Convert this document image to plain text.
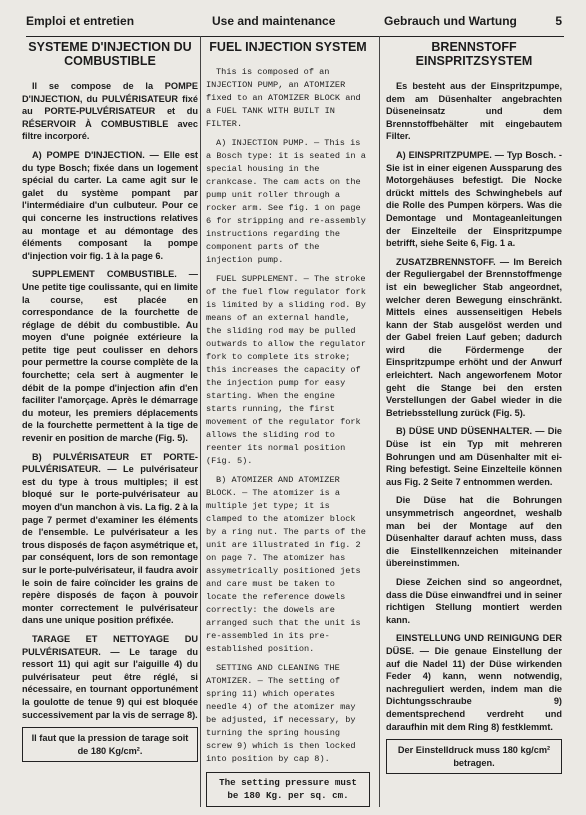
Emploi et entretien	Use and maintenance	Gebrauch und Wartung	5
SYSTEME D'INJECTION DU COMBUSTIBLE

Il se compose de la POMPE D'INJECTION, du PULVÉRISATEUR fixé au PORTE-PULVÉRISATEUR et du RÉSERVOIR À COMBUSTIBLE avec filtre incorporé.

A) POMPE D'INJECTION. — Elle est du type Bosch; fixée dans un logement spécial du carter. La came agit sur le galet du système pompant par l'intermédiaire d'un culbuteur. Pour ce qui concerne les instructions relatives au montage et au démontage des éléments composant la pompe d'injection voir fig. 1 à la page 6.

SUPPLEMENT COMBUSTIBLE. — Une petite tige coulissante, qui en limite la course, est placée en correspondance de la fourchette de réglage de débit du combustible. Au moyen d'une poignée extérieure la petite tige peut coulisser en dehors pour permettre la course complète de la fourchette; cela sert à augmenter le débit de la pompe d'injection afin d'en faciliter l'amorçage. Après le démarrage du moteur, les premiers déplacements de la fourchette permettent à la tige de revenir en position de marche (Fig. 5).

B) PULVÉRISATEUR ET PORTE-PULVÉRISATEUR. — Le pulvérisateur est du type à trous multiples; il est bloqué sur le porte-pulvérisateur au moyen d'un manchon à vis. La fig. 2 à la page 7 permet d'examiner les éléments de l'ensemble. Le pulvérisateur a les trous disposés de façon asymétrique et, par conséquent, lors de son remontage sur le porte-pulvérisateur, il faudra avoir le soin de faire coïncider les grains de repère disposés de façon à pouvoir monter correctement le pulvérisateur dans une unique position préfixée.

TARAGE ET NETTOYAGE DU PULVÉRISATEUR. — Le tarage du ressort 11) qui agit sur l'aiguille 4) du pulvérisateur peut être réglé, si nécessaire, en tournant opportunément la goulotte de tenue 9) qui est bloquée successivement par la vis de serrage 8).

Il faut que la pression de tarage soit de 180 Kg/cm².
FUEL INJECTION SYSTEM

This is composed of an INJECTION PUMP, an ATOMIZER fixed to an ATOMIZER BLOCK and a FUEL TANK WITH BUILT IN FILTER.

A) INJECTION PUMP. — This is a Bosch type: it is seated in a special housing in the crankcase. The cam acts on the pump unit roller through a rocker arm. See fig. 1 on page 6 for stripping and re-assembly instructions regarding the component parts of the injection pump.

FUEL SUPPLEMENT. — The stroke of the fuel flow regulator fork is limited by a sliding rod. By means of an external handle, the sliding rod may be pulled outwards to allow the regulator fork to complete its stroke; this increases the capacity of the injection pump for easy starting. When the engine starts running, the first movement of the regulator fork allows the sliding rod to reenter its normal position (Fig. 5).

B) ATOMIZER AND ATOMIZER BLOCK. — The atomizer is a multiple jet type; it is clamped to the atomizer block by a ring nut. The parts of the unit are illustrated in fig. 2 on page 7. The atomizer has assymetrically positioned jets and care must be taken to locate the reference dowels correctly: the dowels are arranged such that the unit is re-assembled in its pre-established position.

SETTING AND CLEANING THE ATOMIZER. — The setting of spring 11) which operates needle 4) of the atomizer may be adjusted, if necessary, by turning the spring housing screw 9) which is then locked into position by cap 8).

The setting pressure must be 180 Kg. per sq. cm.
BRENNSTOFF EINSPRITZSYSTEM

Es besteht aus der Einspritzpumpe, dem am Düsenhalter angebrachten Düseneinsatz und dem Brennstoffbehälter mit eingebautem Filter.

A) EINSPRITZPUMPE. — Typ Bosch. - Sie ist in einer eigenen Aussparung des Motorgehäuses befestigt. Die Nocke drückt mittels des Schwinghebels auf die Rolle des Pumpen körpers. Was die Demontage und Montageanleitungen der Einzelteile der Einspritzpumpe betrifft, siehe Seite 6, Fig. 1 a.

ZUSATZBRENNSTOFF. — Im Bereich der Reguliergabel der Brennstoffmenge ist ein beweglicher Stab angeordnet, welcher deren Bewegung einschränkt. Mittels eines aussenseitigen Hebels kann der Stab ausgelöst werden und der Gabel freien Lauf geben; dadurch wird die Fördermenge der Einspritzpumpe erhöht und der Anwurf erleichtert. Nach angeworfenem Motor geht die Stange bei den ersten Verstellungen der Gabel wieder in die Betriebsstellung zurück (Fig. 5).

B) DÜSE UND DÜSENHALTER. — Die Düse ist ein Typ mit mehreren Bohrungen und am Düsenhalter mit ei-Ring befestigt. Seine Einzelteile können aus Fig. 2 Seite 7 entnommen werden.

Die Düse hat die Bohrungen unsymmetrisch angeordnet, weshalb man bei der Montage auf den Düsenhalter darauf achten muss, dass die Einstellkennzeichen miteinander übereinstimmen.

Diese Zeichen sind so angeordnet, dass die Düse einwandfrei und in seiner richtigen Stellung montiert werden kann.

EINSTELLUNG UND REINIGUNG DER DÜSE. — Die genaue Einstellung der auf die Nadel 11) der Düse wirkenden Feder 4) kann, wenn notwendig, nachreguliert werden, indem man die Dichtungsschraube 9) dementsprechend verdreht und daraufhin mit dem Ring 8) festklemmt.

Der Einstelldruck muss 180 kg/cm² betragen.
